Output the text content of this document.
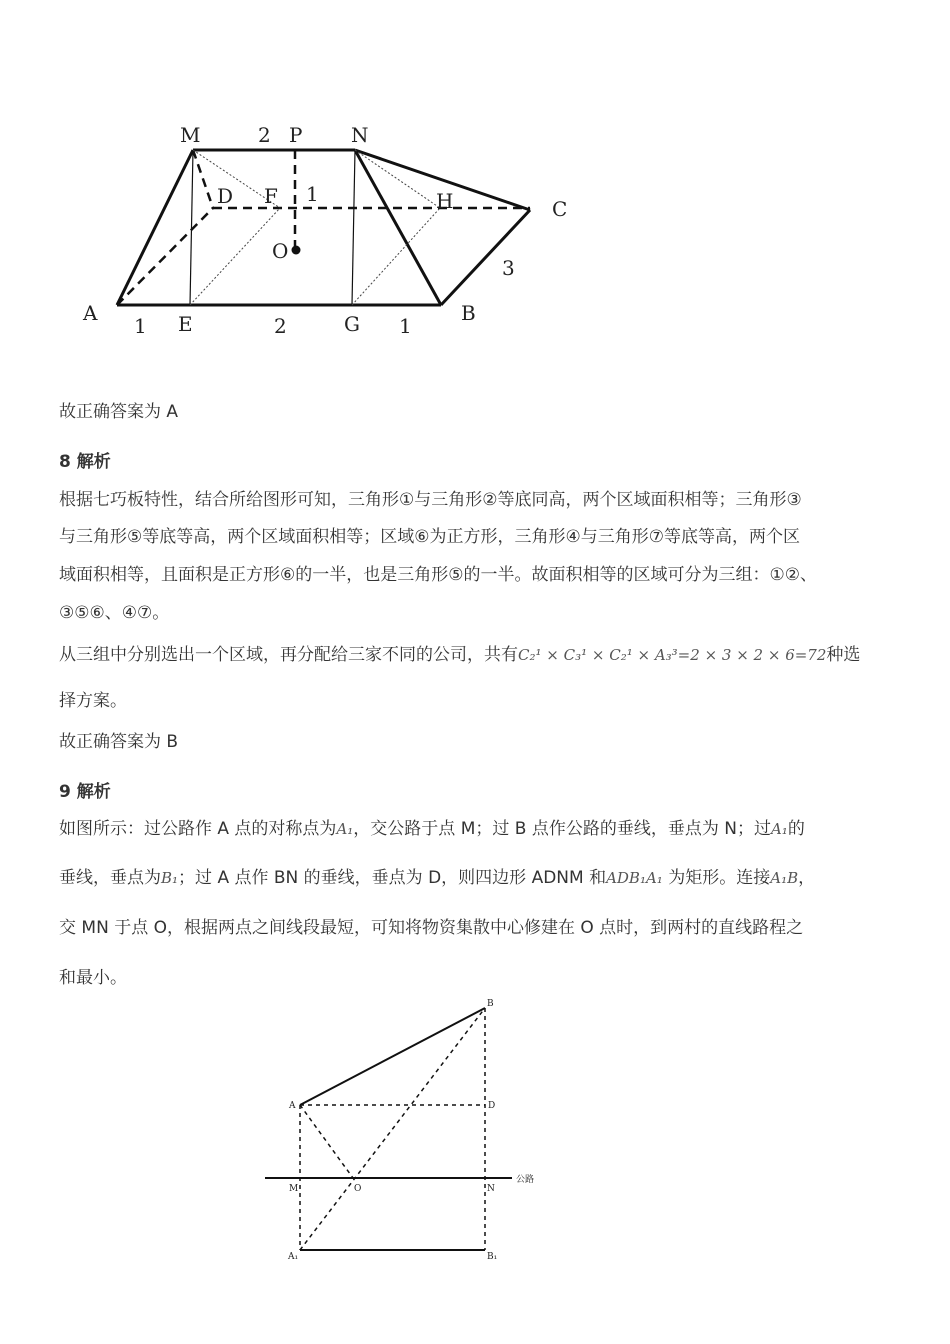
M	2 P N
D F 1	H	C
O
3
A
1 E	2	G 1
B
故正确答案为 A
8 解析
根据七巧板特性，结合所给图形可知，三角形①与三角形②等底同高，两个区域面积相等；三角形③
与三角形⑤等底等高，两个区域面积相等；区域⑥为正方形，三角形④与三角形⑦等底等高，两个区
域面积相等，且面积是正方形⑥的一半，也是三角形⑤的一半。故面积相等的区域可分为三组：①②、
③⑤⑥、④⑦。
从三组中分别选出一个区域，再分配给三家不同的公司，共有C₂¹ × C₃¹ × C₂¹ × A₃³=2 × 3 × 2 × 6=72种选
择方案。
故正确答案为 B
9 解析
如图所示：过公路作 A 点的对称点为A₁，交公路于点 M；过 B 点作公路的垂线，垂点为 N；过A₁的
垂线，垂点为B₁；过 A 点作 BN 的垂线，垂点为 D，则四边形 ADNM 和ADB₁A₁ 为矩形。连接A₁B，
交 MN 于点 O，根据两点之间线段最短，可知将物资集散中心修建在 O 点时，到两村的直线路程之
和最小。
B
A	D
M	O	N
公路
A₁	B₁
